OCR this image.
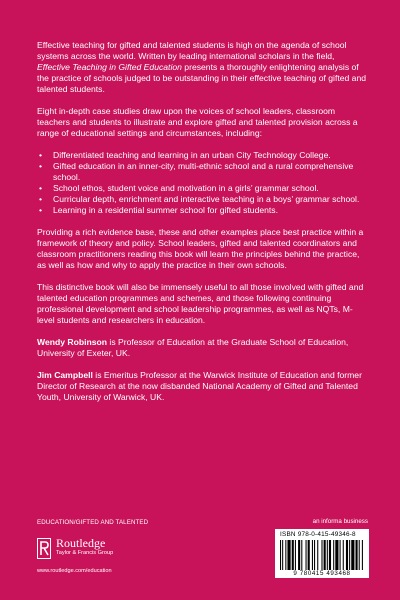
Effective teaching for gifted and talented students is high on the agenda of school systems across the world. Written by leading international scholars in the field, Effective Teaching in Gifted Education presents a thoroughly enlightening analysis of the practice of schools judged to be outstanding in their effective teaching of gifted and talented students.

Eight in-depth case studies draw upon the voices of school leaders, classroom teachers and students to illustrate and explore gifted and talented provision across a range of educational settings and circumstances, including:

• Differentiated teaching and learning in an urban City Technology College.
• Gifted education in an inner-city, multi-ethnic school and a rural comprehensive school.
• School ethos, student voice and motivation in a girls’ grammar school.
• Curricular depth, enrichment and interactive teaching in a boys’ grammar school.
• Learning in a residential summer school for gifted students.

Providing a rich evidence base, these and other examples place best practice within a framework of theory and policy. School leaders, gifted and talented coordinators and classroom practitioners reading this book will learn the principles behind the practice, as well as how and why to apply the practice in their own schools.

This distinctive book will also be immensely useful to all those involved with gifted and talented education programmes and schemes, and those following continuing professional development and school leadership programmes, as well as NQTs, M-level students and researchers in education.

Wendy Robinson is Professor of Education at the Graduate School of Education, University of Exeter, UK.

Jim Campbell is Emeritus Professor at the Warwick Institute of Education and former Director of Research at the now disbanded National Academy of Gifted and Talented Youth, University of Warwick, UK.

EDUCATION/GIFTED AND TALENTED
Routledge
Taylor & Francis Group
www.routledge.com/education
an informa business
ISBN 978-0-415-49346-8
9 780415 493468
